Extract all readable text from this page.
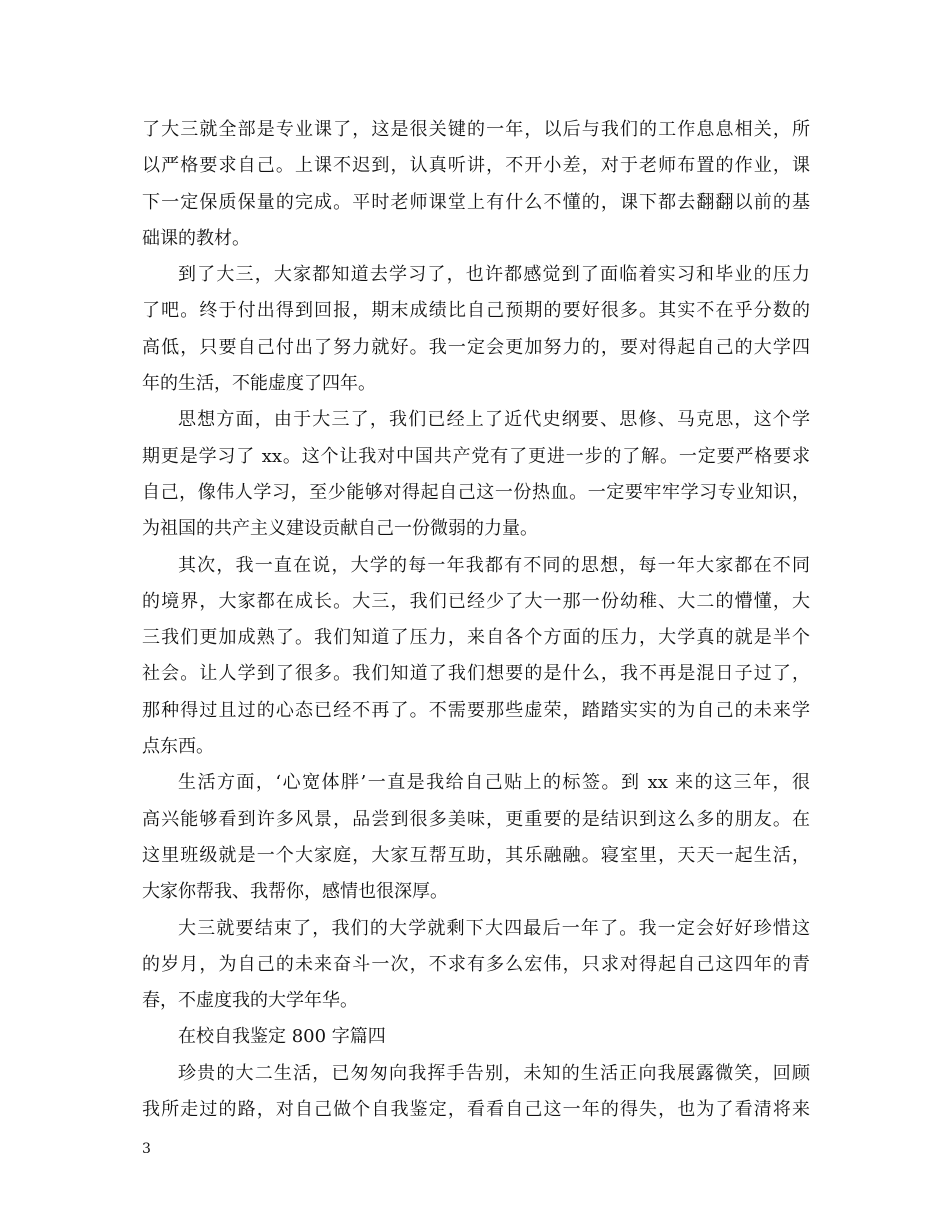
了大三就全部是专业课了，这是很关键的一年，以后与我们的工作息息相关，所
以严格要求自己。上课不迟到，认真听讲，不开小差，对于老师布置的作业，课
下一定保质保量的完成。平时老师课堂上有什么不懂的，课下都去翻翻以前的基
础课的教材。
到了大三，大家都知道去学习了，也许都感觉到了面临着实习和毕业的压力
了吧。终于付出得到回报，期末成绩比自己预期的要好很多。其实不在乎分数的
高低，只要自己付出了努力就好。我一定会更加努力的，要对得起自己的大学四
年的生活，不能虚度了四年。
思想方面，由于大三了，我们已经上了近代史纲要、思修、马克思，这个学
期更是学习了 xx。这个让我对中国共产党有了更进一步的了解。一定要严格要求
自己，像伟人学习，至少能够对得起自己这一份热血。一定要牢牢学习专业知识，
为祖国的共产主义建设贡献自己一份微弱的力量。
其次，我一直在说，大学的每一年我都有不同的思想，每一年大家都在不同
的境界，大家都在成长。大三，我们已经少了大一那一份幼稚、大二的懵懂，大
三我们更加成熟了。我们知道了压力，来自各个方面的压力，大学真的就是半个
社会。让人学到了很多。我们知道了我们想要的是什么，我不再是混日子过了，
那种得过且过的心态已经不再了。不需要那些虚荣，踏踏实实的为自己的未来学
点东西。
生活方面，‘心宽体胖’一直是我给自己贴上的标签。到 xx 来的这三年，很
高兴能够看到许多风景，品尝到很多美味，更重要的是结识到这么多的朋友。在
这里班级就是一个大家庭，大家互帮互助，其乐融融。寝室里，天天一起生活，
大家你帮我、我帮你，感情也很深厚。
大三就要结束了，我们的大学就剩下大四最后一年了。我一定会好好珍惜这
的岁月，为自己的未来奋斗一次，不求有多么宏伟，只求对得起自己这四年的青
春，不虚度我的大学年华。
在校自我鉴定 800 字篇四
珍贵的大二生活，已匆匆向我挥手告别，未知的生活正向我展露微笑，回顾
我所走过的路，对自己做个自我鉴定，看看自己这一年的得失，也为了看清将来
3
